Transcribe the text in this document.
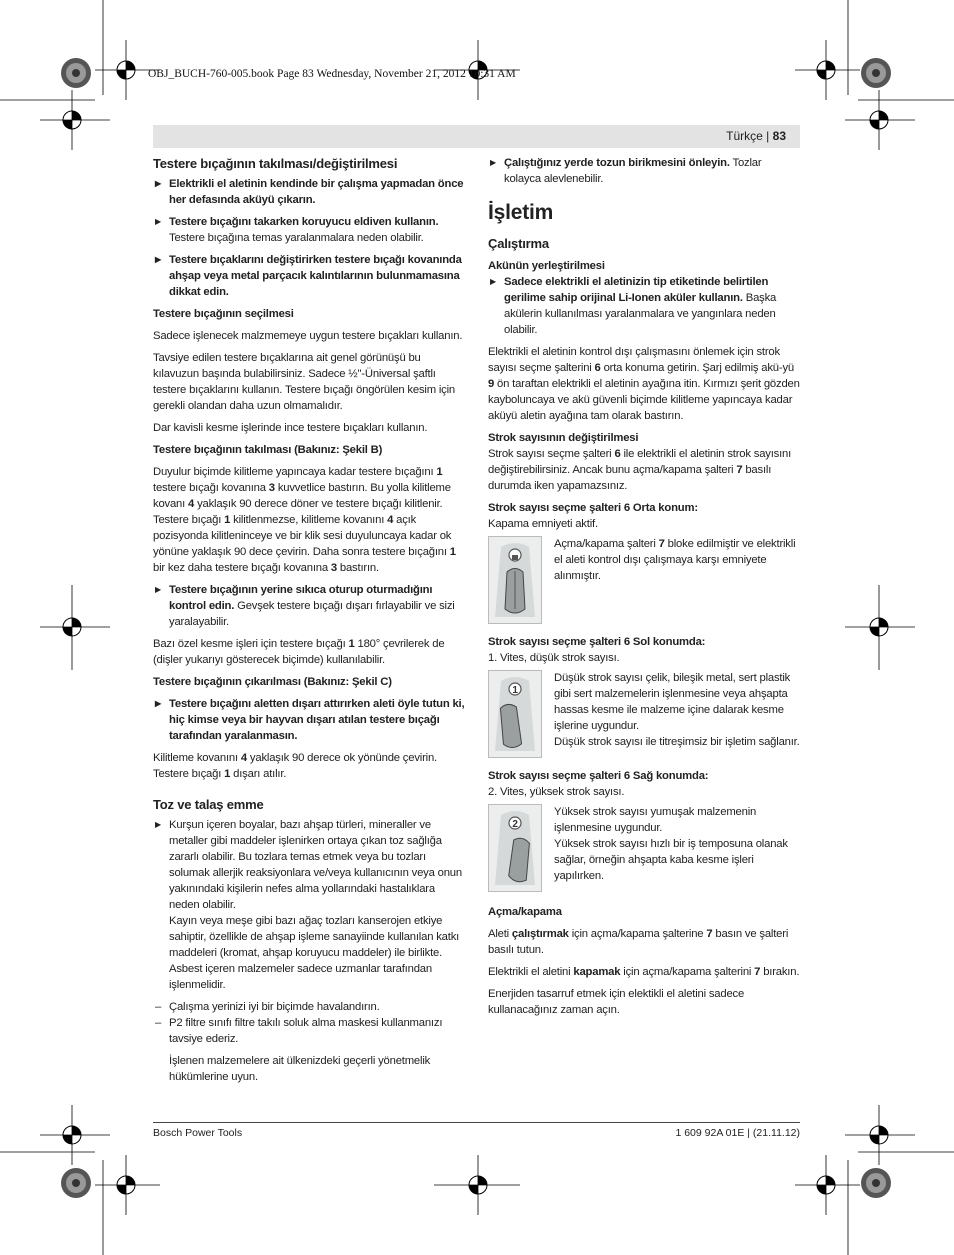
OBJ_BUCH-760-005.book Page 83 Wednesday, November 21, 2012 10:31 AM
Türkçe | 83
Testere bıçağının takılması/değiştirilmesi

▶ Elektrikli el aletinin kendinde bir çalışma yapmadan önce her defasında aküyü çıkarın.

▶ Testere bıçağını takarken koruyucu eldiven kullanın.
Testere bıçağına temas yaralanmalara neden olabilir.

▶ Testere bıçaklarını değiştirirken testere bıçağı kovanında ahşap veya metal parçacık kalıntılarının bulunmamasına dikkat edin.

Testere bıçağının seçilmesi

Sadece işlenecek malzmemeye uygun testere bıçakları kullanın.

Tavsiye edilen testere bıçaklarına ait genel görünüşü bu kılavuzun başında bulabilirsiniz. Sadece ½"-Üniversal şaftlı testere bıçaklarını kullanın. Testere bıçağı öngörülen kesim için gerekli olandan daha uzun olmamalıdır.

Dar kavisli kesme işlerinde ince testere bıçakları kullanın.

Testere bıçağının takılması (Bakınız: Şekil B)

Duyulur biçimde kilitleme yapıncaya kadar testere bıçağını 1 testere bıçağı kovanına 3 kuvvetlice bastırın. Bu yolla kilitleme kovanı 4 yaklaşık 90 derece döner ve testere bıçağı kilitlenir.

Testere bıçağı 1 kilitlenmezse, kilitleme kovanını 4 açık pozisyonda kilitleninceye ve bir klik sesi duyuluncaya kadar ok yönüne yaklaşık 90 dece çevirin. Daha sonra testere bıçağını 1 bir kez daha testere bıçağı kovanına 3 bastırın.

▶ Testere bıçağının yerine sıkıca oturup oturmadığını kontrol edin. Gevşek testere bıçağı dışarı fırlayabilir ve sizi yaralayabilir.

Bazı özel kesme işleri için testere bıçağı 1 180° çevrilerek de (dişler yukarıyı gösterecek biçimde) kullanılabilir.

Testere bıçağının çıkarılması (Bakınız: Şekil C)

▶ Testere bıçağını aletten dışarı attırırken aleti öyle tutun ki, hiç kimse veya bir hayvan dışarı atılan testere bıçağı tarafından yaralanmasın.

Kilitleme kovanını 4 yaklaşık 90 derece ok yönünde çevirin. Testere bıçağı 1 dışarı atılır.

Toz ve talaş emme

▶ Kurşun içeren boyalar, bazı ahşap türleri, mineraller ve metaller gibi maddeler işlenirken ortaya çıkan toz sağlığa zararlı olabilir. Bu tozlara temas etmek veya bu tozları solumak allerjik reaksiyonlara ve/veya kullanıcının veya onun yakınındaki kişilerin nefes alma yollarındaki hastalıklara neden olabilir.
Kayın veya meşe gibi bazı ağaç tozları kanserojen etkiye sahiptir, özellikle de ahşap işleme sanayiinde kullanılan katkı maddeleri (kromat, ahşap koruyucu maddeler) ile birlikte. Asbest içeren malzemeler sadece uzmanlar tarafından işlenmelidir.

– Çalışma yerinizi iyi bir biçimde havalandırın.

– P2 filtre sınıfı filtre takılı soluk alma maskesi kullanmanızı tavsiye ederiz.

İşlenen malzemelere ait ülkenizdeki geçerli yönetmelik hükümlerine uyun.

▶ Çalıştığınız yerde tozun birikmesini önleyin. Tozlar kolayca alevlenebilir.

İşletim
Çalıştırma
Akünün yerleştirilmesi

▶ Sadece elektrikli el aletinizin tip etiketinde belirtilen gerilime sahip orijinal Li-Ionen aküler kullanın. Başka akülerin kullanılması yaralanmalara ve yangınlara neden olabilir.

Elektrikli el aletinin kontrol dışı çalışmasını önlemek için strok sayısı seçme şalterini 6 orta konuma getirin. Şarj edilmiş akü-yü 9 ön taraftan elektrikli el aletinin ayağına itin. Kırmızı şerit gözden kayboluncaya ve akü güvenli biçimde kilitleme yapıncaya kadar aküyü aletin ayağına tam olarak bastırın.

Strok sayısının değiştirilmesi

Strok sayısı seçme şalteri 6 ile elektrikli el aletinin strok sayısını değiştirebilirsiniz. Ancak bunu açma/kapama şalteri 7 basılı durumda iken yapamazsınız.

Strok sayısı seçme şalteri 6 Orta konum:

Kapama emniyeti aktif.

Açma/kapama şalteri 7 bloke edilmiştir ve elektrikli el aleti kontrol dışı çalışmaya karşı emniyete alınmıştır.

Strok sayısı seçme şalteri 6 Sol konumda:

1. Vites, düşük strok sayısı.

1

Düşük strok sayısı çelik, bileşik metal, sert plastik gibi sert malzemelerin işlenmesine veya ahşapta hassas kesme ile malzeme içine dalarak kesme işlerine uygundur.

Düşük strok sayısı ile titreşimsiz bir işletim sağlanır.

Strok sayısı seçme şalteri 6 Sağ konumda:

2. Vites, yüksek strok sayısı.

2

Yüksek strok sayısı yumuşak malzemenin işlenmesine uygundur.

Yüksek strok sayısı hızlı bir iş temposuna olanak sağlar, örneğin ahşapta kaba kesme işleri yapılırken.

Açma/kapama

Aleti çalıştırmak için açma/kapama şalterine 7 basın ve şalteri basılı tutun.

Elektrikli el aletini kapamak için açma/kapama şalterini 7 bırakın.

Enerjiden tasarruf etmek için elektikli el aletini sadece kullanacağınız zaman açın.

Bosch Power Tools	1 609 92A 01E | (21.11.12)
